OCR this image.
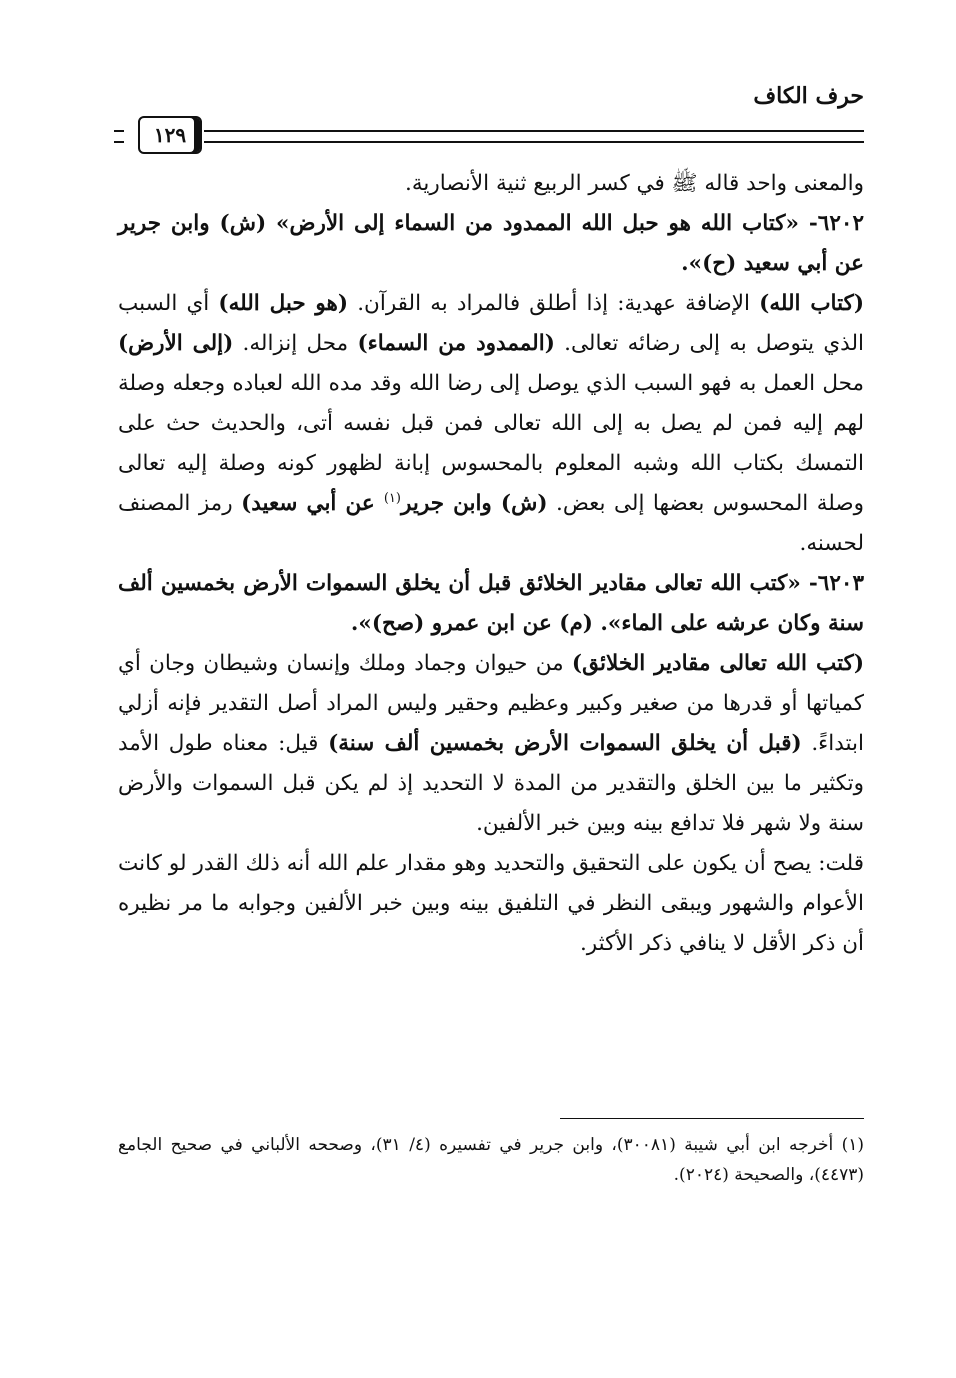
حرف الكاف
١٢٩

والمعنى واحد قاله ﷺ في كسر الربيع ثنية الأنصارية.

٦٢٠٢- «كتاب الله هو حبل الله الممدود من السماء إلى الأرض» (ش) وابن جرير عن أبي سعيد (ح)».

(كتاب الله) الإضافة عهدية: إذا أطلق فالمراد به القرآن. (هو حبل الله) أي السبب الذي يتوصل به إلى رضائه تعالى. (الممدود من السماء) محل إنزاله. (إلى الأرض) محل العمل به فهو السبب الذي يوصل إلى رضا الله وقد مده الله لعباده وجعله وصلة لهم إليه فمن لم يصل به إلى الله تعالى فمن قبل نفسه أتى، والحديث حث على التمسك بكتاب الله وشبه المعلوم بالمحسوس إبانة لظهور كونه وصلة إليه تعالى وصلة المحسوس بعضها إلى بعض. (ش) وابن جرير$^{(١)}$ عن أبي سعيد) رمز المصنف لحسنه.

٦٢٠٣- «كتب الله تعالى مقادير الخلائق قبل أن يخلق السموات الأرض بخمسين ألف سنة وكان عرشه على الماء». (م) عن ابن عمرو (صح)».

(كتب الله تعالى مقادير الخلائق) من حيوان وجماد وملك وإنسان وشيطان وجان أي كمياتها أو قدرها من صغير وكبير وعظيم وحقير وليس المراد أصل التقدير فإنه أزلي ابتداءً. (قبل أن يخلق السموات الأرض بخمسين ألف سنة) قيل: معناه طول الأمد وتكثير ما بين الخلق والتقدير من المدة لا التحديد إذ لم يكن قبل السموات والأرض سنة ولا شهر فلا تدافع بينه وبين خبر الألفين.

قلت: يصح أن يكون على التحقيق والتحديد وهو مقدار علم الله أنه ذلك القدر لو كانت الأعوام والشهور ويبقى النظر في التلفيق بينه وبين خبر الألفين وجوابه ما مر نظيره أن ذكر الأقل لا ينافي ذكر الأكثر.

(١) أخرجه ابن أبي شيبة (٣٠٠٨١)، وابن جرير في تفسيره (٤/ ٣١)، وصححه الألباني في صحيح الجامع (٤٤٧٣)، والصحيحة (٢٠٢٤).
